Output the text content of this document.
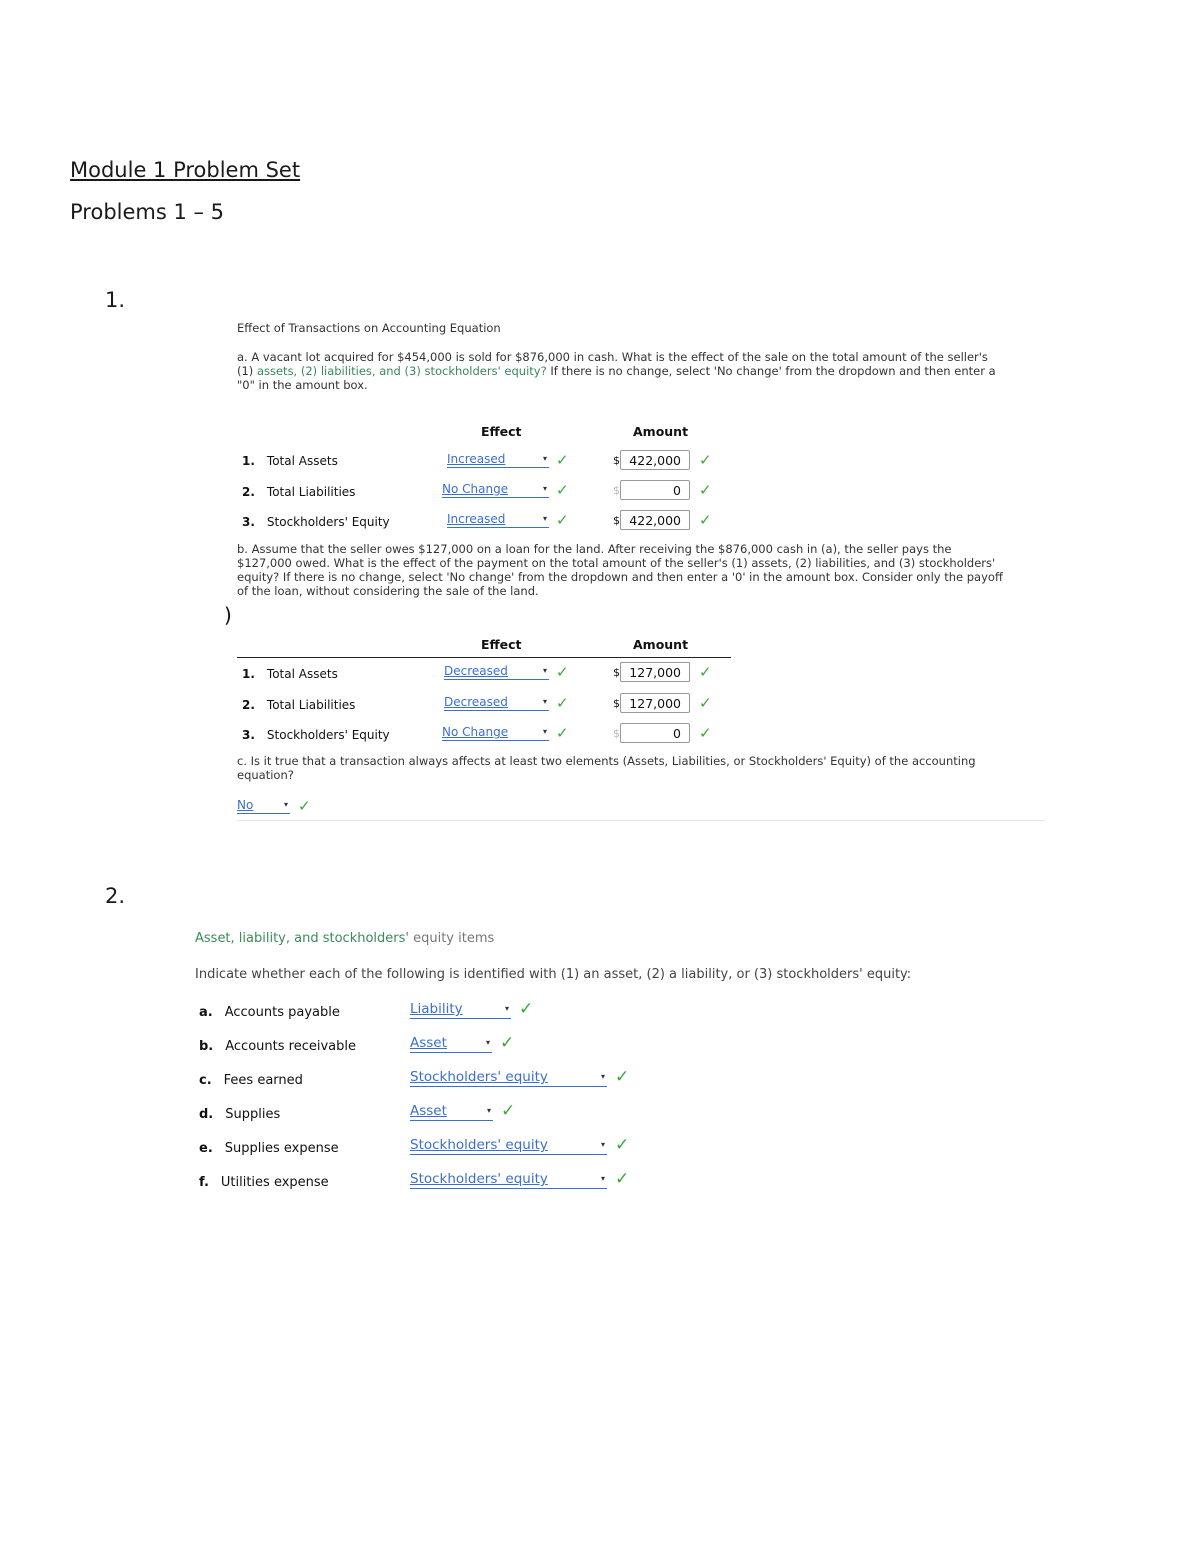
Module 1 Problem Set
Problems 1 – 5
1.
Effect of Transactions on Accounting Equation
a. A vacant lot acquired for $454,000 is sold for $876,000 in cash. What is the effect of the sale on the total amount of the seller's
(1) assets, (2) liabilities, and (3) stockholders' equity? If there is no change, select 'No change' from the dropdown and then enter a
"0" in the amount box.
Effect	Amount
1. Total Assets	Increased	▾ ✓	$ 422,000	✓
2. Total Liabilities	No Change	▾ ✓	$	0	✓
3. Stockholders' Equity	Increased	▾ ✓	$ 422,000	✓
)
b. Assume that the seller owes $127,000 on a loan for the land. After receiving the $876,000 cash in (a), the seller pays the
$127,000 owed. What is the effect of the payment on the total amount of the seller's (1) assets, (2) liabilities, and (3) stockholders'
equity? If there is no change, select 'No change' from the dropdown and then enter a '0' in the amount box. Consider only the payoff
of the loan, without considering the sale of the land.
Effect	Amount
1. Total Assets	Decreased	▾ ✓	$ 127,000	✓
2. Total Liabilities	Decreased	▾ ✓	$ 127,000	✓
3. Stockholders' Equity	No Change	▾ ✓	$	0	✓
c. Is it true that a transaction always affects at least two elements (Assets, Liabilities, or Stockholders' Equity) of the accounting
equation?
No	▾ ✓
2.
Asset, liability, and stockholders' equity items
Indicate whether each of the following is identified with (1) an asset, (2) a liability, or (3) stockholders' equity:
a. Accounts payable	Liability	▾ ✓
b. Accounts receivable	Asset	▾ ✓
c. Fees earned	Stockholders' equity	▾ ✓
d. Supplies	Asset	▾ ✓
e. Supplies expense	Stockholders' equity	▾ ✓
f. Utilities expense	Stockholders' equity	▾ ✓
